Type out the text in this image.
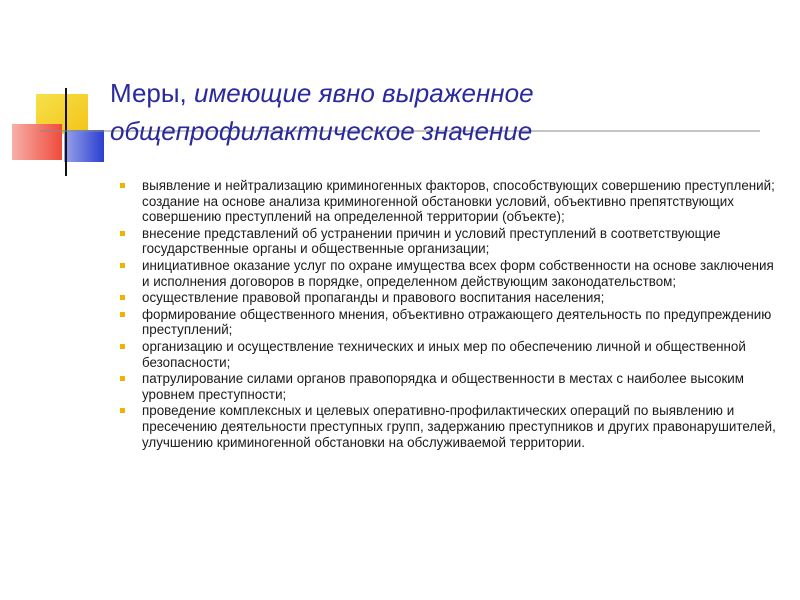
Меры, имеющие явно выраженное общепрофилактическое значение
выявление и нейтрализацию криминогенных факторов, способствующих совершению преступлений; создание на основе анализа криминогенной обстановки условий, объективно препятствующих совершению преступлений на определенной территории (объекте);
внесение представлений об устранении причин и условий преступлений в соответствующие государственные органы и общественные организации;
инициативное оказание услуг по охране имущества всех форм собственности на основе заключения и исполнения договоров в порядке, определенном действующим законодательством;
осуществление правовой пропаганды и правового воспитания населения;
формирование общественного мнения, объективно отражающего деятельность по предупреждению преступлений;
организацию и осуществление технических и иных мер по обеспечению личной и общественной безопасности;
патрулирование силами органов правопорядка и общественности в местах с наиболее высоким уровнем преступности;
проведение комплексных и целевых оперативно-профилактических операций по выявлению и пресечению деятельности преступных групп, задержанию преступников и других правонарушителей, улучшению криминогенной обстановки на обслуживаемой территории.
